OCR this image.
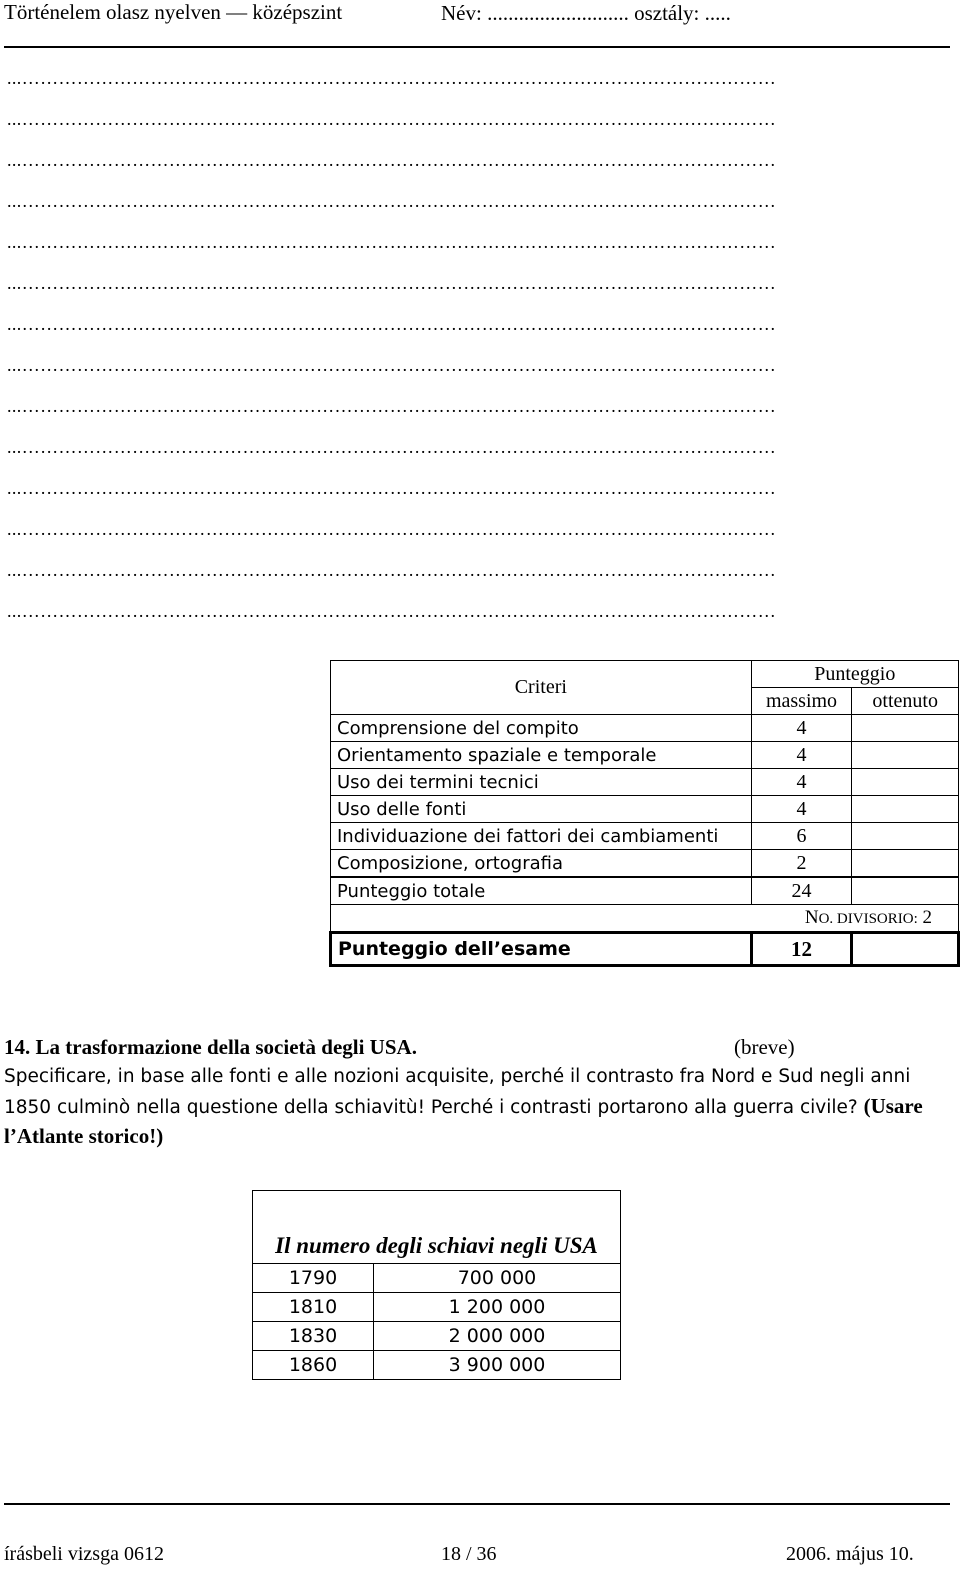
Történelem olasz nyelven — középszint	Név: ........................... osztály: .....
...……………………………………………………………………………………………………………
...……………………………………………………………………………………………………………
...……………………………………………………………………………………………………………
...……………………………………………………………………………………………………………
...……………………………………………………………………………………………………………
...……………………………………………………………………………………………………………
...……………………………………………………………………………………………………………
...……………………………………………………………………………………………………………
...……………………………………………………………………………………………………………
...……………………………………………………………………………………………………………
...……………………………………………………………………………………………………………
...……………………………………………………………………………………………………………
...……………………………………………………………………………………………………………
...……………………………………………………………………………………………………………
Criteri	Punteggio	
	massimo	ottenuto
Comprensione del compito	4	
Orientamento spaziale e temporale	4	
Uso dei termini tecnici	4	
Uso delle fonti	4	
Individuazione dei fattori dei cambiamenti	6	
Composizione, ortografia	2	
Punteggio totale	24	
NO. DIVISORIO: 2		
Punteggio dell’esame	12	
14. La trasformazione della società degli USA.	(breve)
Specificare, in base alle fonti e alle nozioni acquisite, perché il contrasto fra Nord e Sud negli anni 1850 culminò nella questione della schiavitù! Perché i contrasti portarono alla guerra civile? (Usare l’Atlante storico!)
Il numero degli schiavi negli USA	
1790	700 000
1810	1 200 000
1830	2 000 000
1860	3 900 000
írásbeli vizsga 0612	18 / 36	2006. május 10.
